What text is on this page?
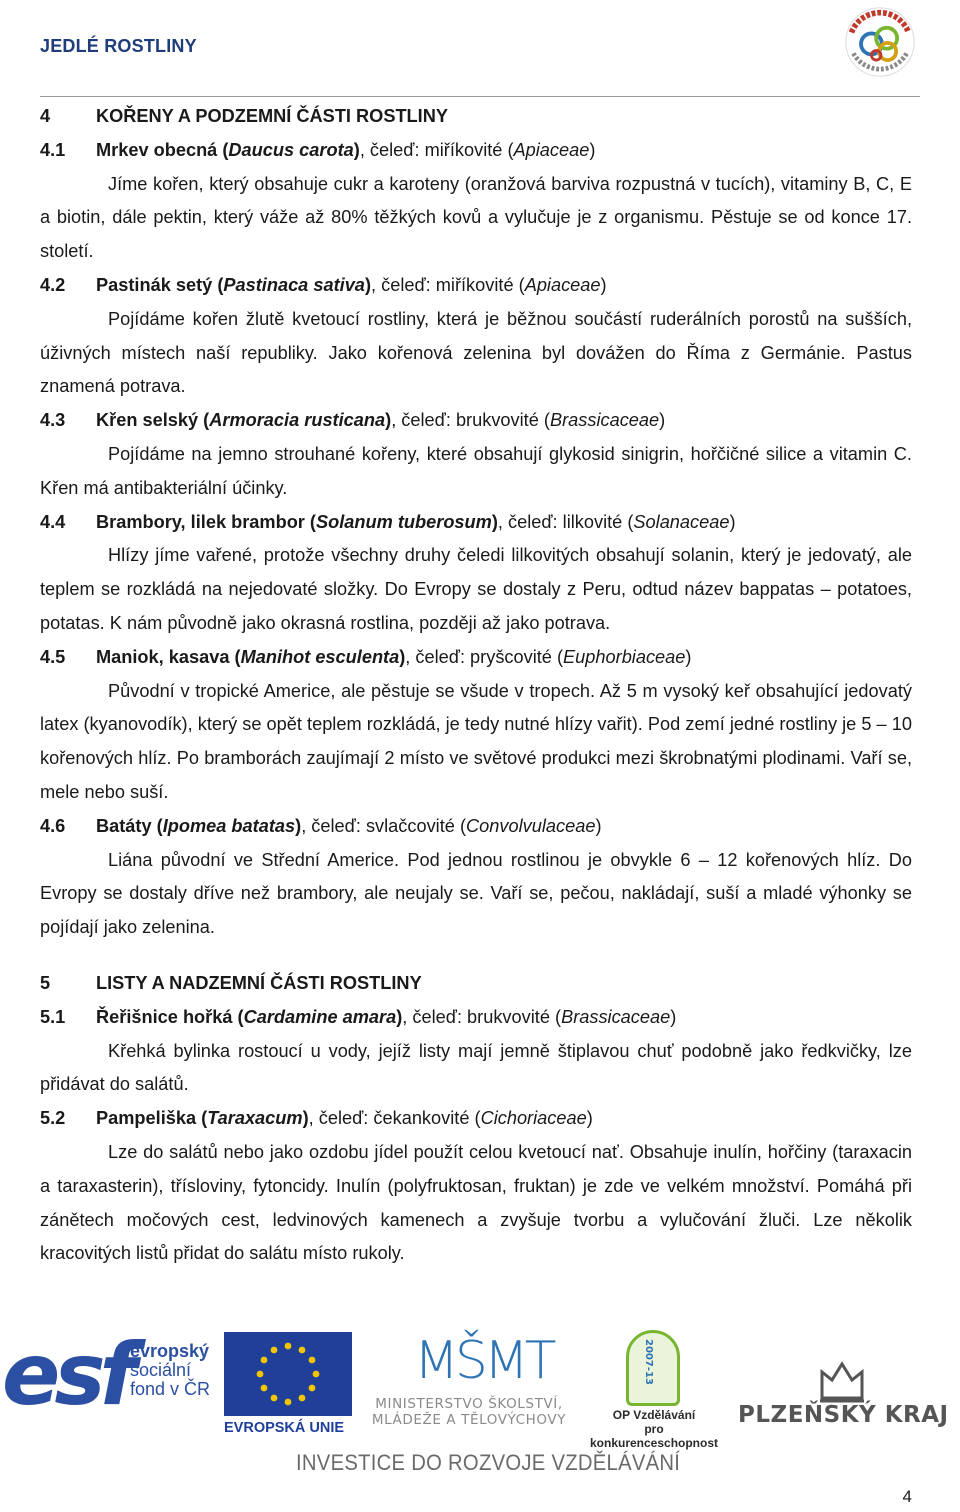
JEDLÉ ROSTLINY

4	KOŘENY A PODZEMNÍ ČÁSTI ROSTLINY

4.1	Mrkev obecná (Daucus carota), čeleď: miříkovité (Apiaceae)

Jíme kořen, který obsahuje cukr a karoteny (oranžová barviva rozpustná v tucích), vitaminy B, C, E a biotin, dále pektin, který váže až 80% těžkých kovů a vylučuje je z organismu. Pěstuje se od konce 17. století.

4.2	Pastinák setý (Pastinaca sativa), čeleď: miříkovité (Apiaceae)

Pojídáme kořen žlutě kvetoucí rostliny, která je běžnou součástí ruderálních porostů na sušších, úživných místech naší republiky. Jako kořenová zelenina byl dovážen do Říma z Germánie. Pastus znamená potrava.

4.3	Křen selský (Armoracia rusticana), čeleď: brukvovité (Brassicaceae)

Pojídáme na jemno strouhané kořeny, které obsahují glykosid sinigrin, hořčičné silice a vitamin C. Křen má antibakteriální účinky.

4.4	Brambory, lilek brambor (Solanum tuberosum), čeleď: lilkovité (Solanaceae)

Hlízy jíme vařené, protože všechny druhy čeledi lilkovitých obsahují solanin, který je jedovatý, ale teplem se rozkládá na nejedovaté složky. Do Evropy se dostaly z Peru, odtud název bappatas – potatoes, potatas. K nám původně jako okrasná rostlina, později až jako potrava.

4.5	Maniok, kasava (Manihot esculenta), čeleď: pryšcovité (Euphorbiaceae)

Původní v tropické Americe, ale pěstuje se všude v tropech. Až 5 m vysoký keř obsahující jedovatý latex (kyanovodík), který se opět teplem rozkládá, je tedy nutné hlízy vařit). Pod zemí jedné rostliny je 5 – 10 kořenových hlíz. Po bramborách zaujímají 2 místo ve světové produkci mezi škrobnatými plodinami. Vaří se, mele nebo suší.

4.6	Batáty (Ipomea batatas), čeleď: svlačcovité (Convolvulaceae)

Liána původní ve Střední Americe. Pod jednou rostlinou je obvykle 6 – 12 kořenových hlíz. Do Evropy se dostaly dříve než brambory, ale neujaly se. Vaří se, pečou, nakládají, suší a mladé výhonky se pojídají jako zelenina.

5	LISTY A NADZEMNÍ ČÁSTI ROSTLINY

5.1	Řeřišnice hořká (Cardamine amara), čeleď: brukvovité (Brassicaceae)

Křehká bylinka rostoucí u vody, jejíž listy mají jemně štiplavou chuť podobně jako ředkvičky, lze přidávat do salátů.

5.2	Pampeliška (Taraxacum), čeleď: čekankovité (Cichoriaceae)

Lze do salátů nebo jako ozdobu jídel použít celou kvetoucí nať. Obsahuje inulín, hořčiny (taraxacin a taraxasterin), třísloviny, fytoncidy. Inulín (polyfruktosan, fruktan) je zde ve velkém množství. Pomáhá při zánětech močových cest, ledvinových kamenech a zvyšuje tvorbu a vylučování žluči. Lze několik kracovitých listů přidat do salátu místo rukoly.

esf evropský
sociální
fond v ČR
EVROPSKÁ UNIE
MŠMT
MINISTERSTVO ŠKOLSTVÍ,
MLÁDEŽE A TĚLOVÝCHOVY
2007-13
OP Vzdělávání
pro konkurenceschopnost
PLZEŇSKÝ KRAJ
INVESTICE DO ROZVOJE VZDĚLÁVÁNÍ
4
